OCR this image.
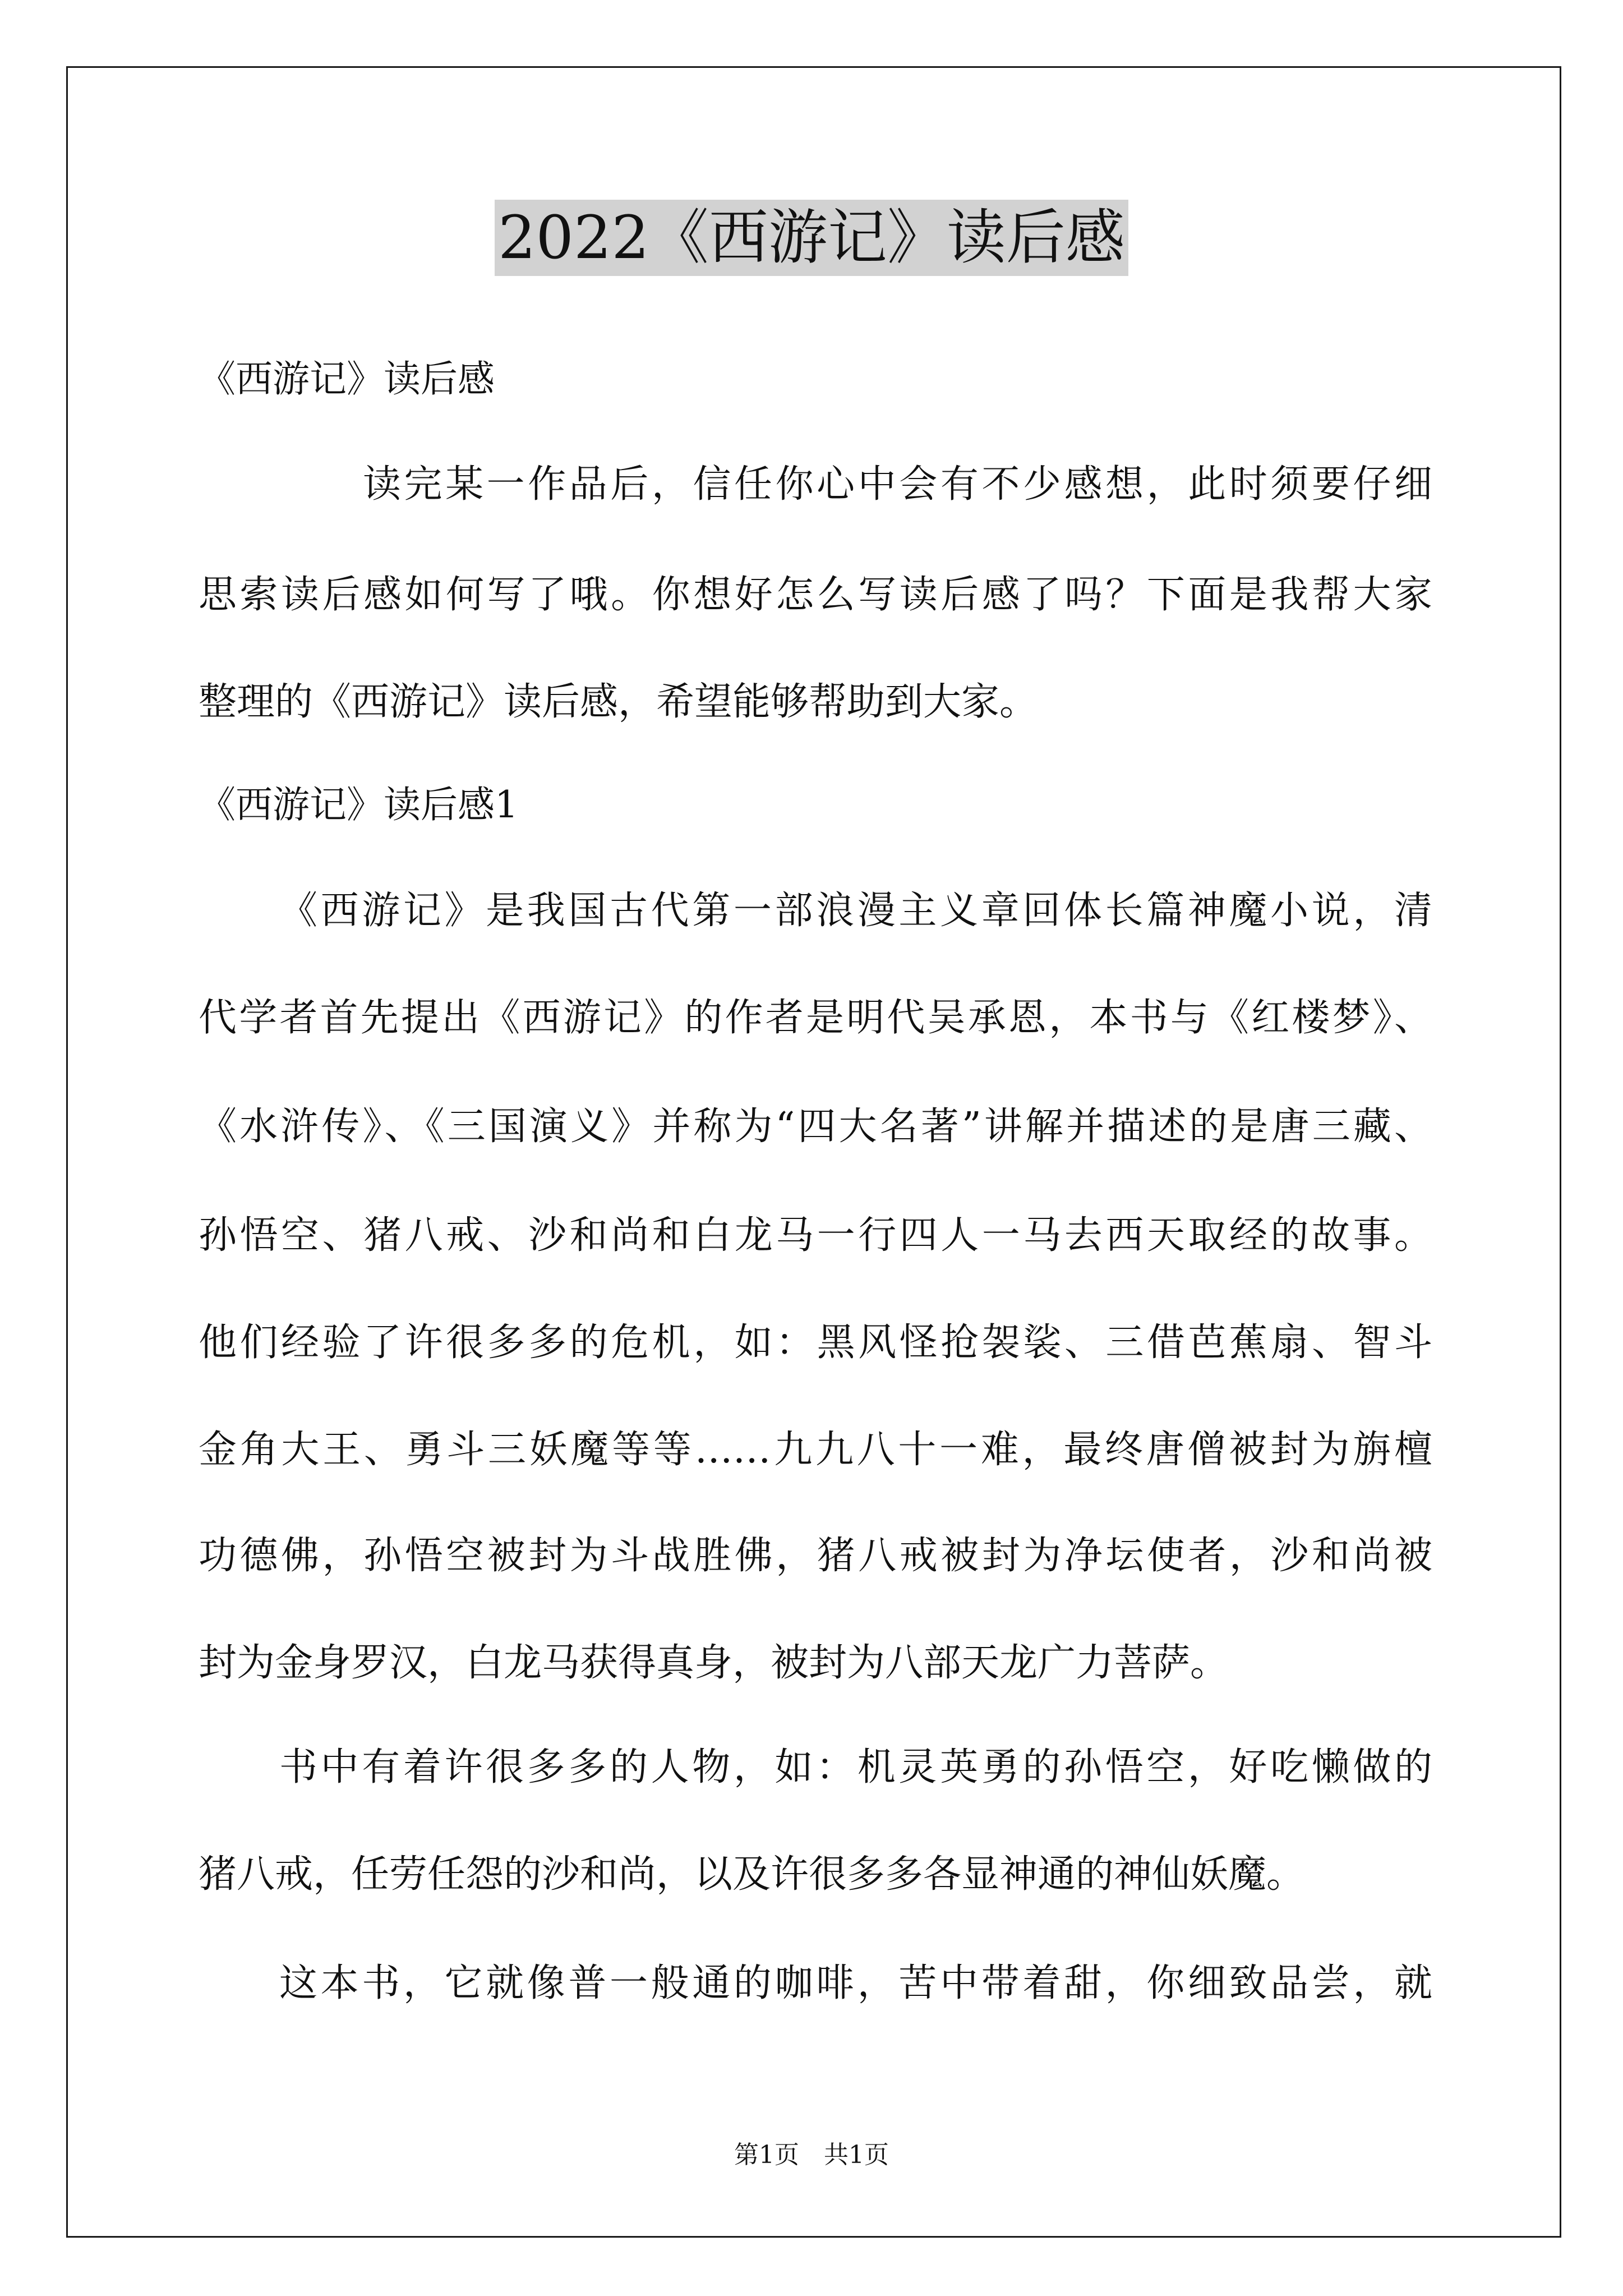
2022《西游记》读后感
《西游记》读后感
读完某一作品后，信任你心中会有不少感想，此时须要仔细
思索读后感如何写了哦。你想好怎么写读后感了吗？下面是我帮大家
整理的《西游记》读后感，希望能够帮助到大家。
《西游记》读后感1
《西游记》是我国古代第一部浪漫主义章回体长篇神魔小说，清
代学者首先提出《西游记》的作者是明代吴承恩，本书与《红楼梦》、
《水浒传》、《三国演义》并称为“四大名著”讲解并描述的是唐三藏、
孙悟空、猪八戒、沙和尚和白龙马一行四人一马去西天取经的故事。
他们经验了许很多多的危机，如：黑风怪抢袈裟、三借芭蕉扇、智斗
金角大王、勇斗三妖魔等等……九九八十一难，最终唐僧被封为旃檀
功德佛，孙悟空被封为斗战胜佛，猪八戒被封为净坛使者，沙和尚被
封为金身罗汉，白龙马获得真身，被封为八部天龙广力菩萨。
书中有着许很多多的人物，如：机灵英勇的孙悟空，好吃懒做的
猪八戒，任劳任怨的沙和尚，以及许很多多各显神通的神仙妖魔。
这本书，它就像普一般通的咖啡，苦中带着甜，你细致品尝，就
第1页 共1页
